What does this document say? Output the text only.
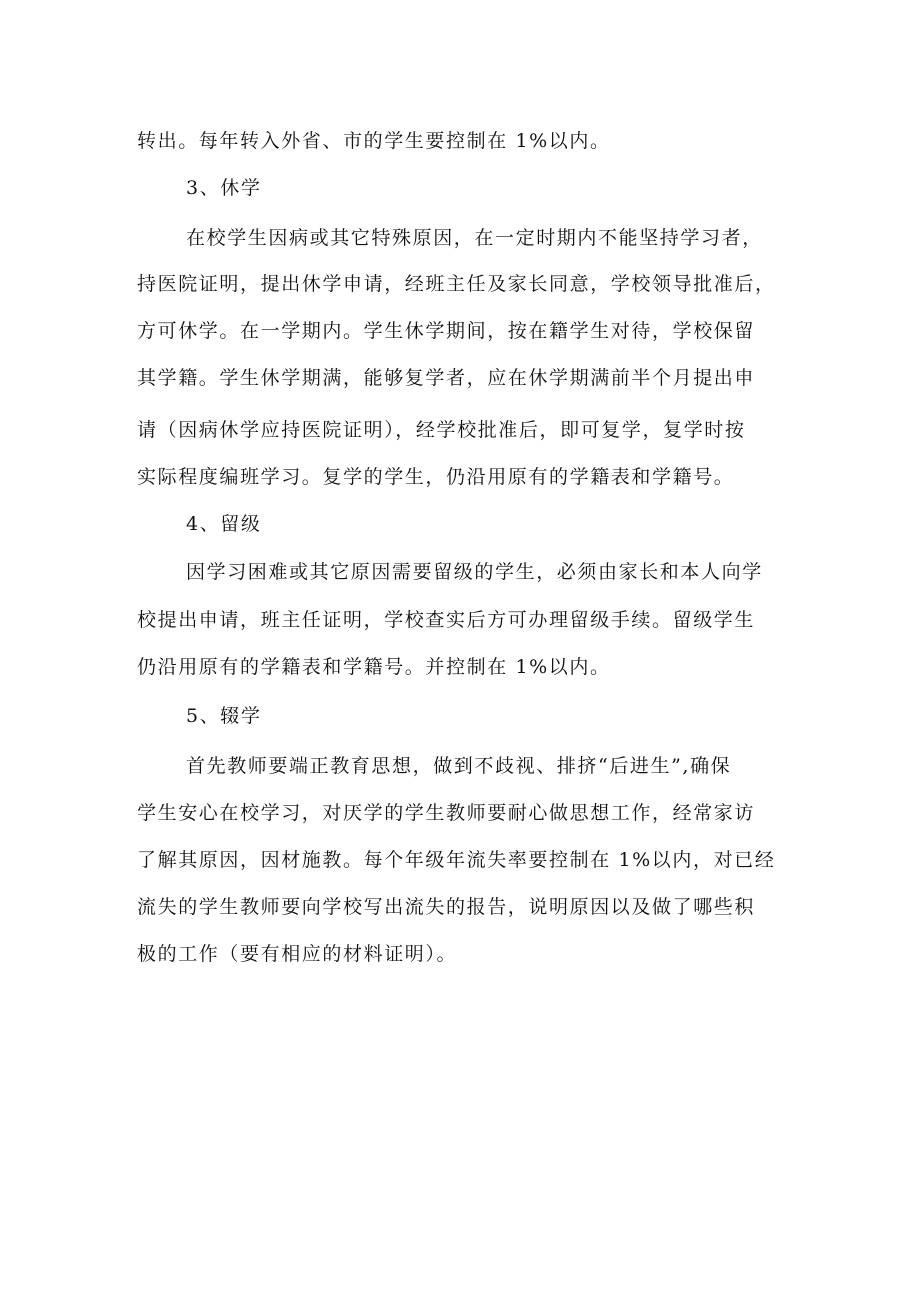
转出。每年转入外省、市的学生要控制在 1%以内。
3、休学
在校学生因病或其它特殊原因，在一定时期内不能坚持学习者，
持医院证明，提出休学申请，经班主任及家长同意，学校领导批准后，
方可休学。在一学期内。学生休学期间，按在籍学生对待，学校保留
其学籍。学生休学期满，能够复学者，应在休学期满前半个月提出申
请（因病休学应持医院证明），经学校批准后，即可复学，复学时按
实际程度编班学习。复学的学生，仍沿用原有的学籍表和学籍号。
4、留级
因学习困难或其它原因需要留级的学生，必须由家长和本人向学
校提出申请，班主任证明，学校查实后方可办理留级手续。留级学生
仍沿用原有的学籍表和学籍号。并控制在 1%以内。
5、辍学
首先教师要端正教育思想，做到不歧视、排挤“后进生”,确保
学生安心在校学习，对厌学的学生教师要耐心做思想工作，经常家访
了解其原因，因材施教。每个年级年流失率要控制在 1%以内，对已经
流失的学生教师要向学校写出流失的报告，说明原因以及做了哪些积
极的工作（要有相应的材料证明）。
